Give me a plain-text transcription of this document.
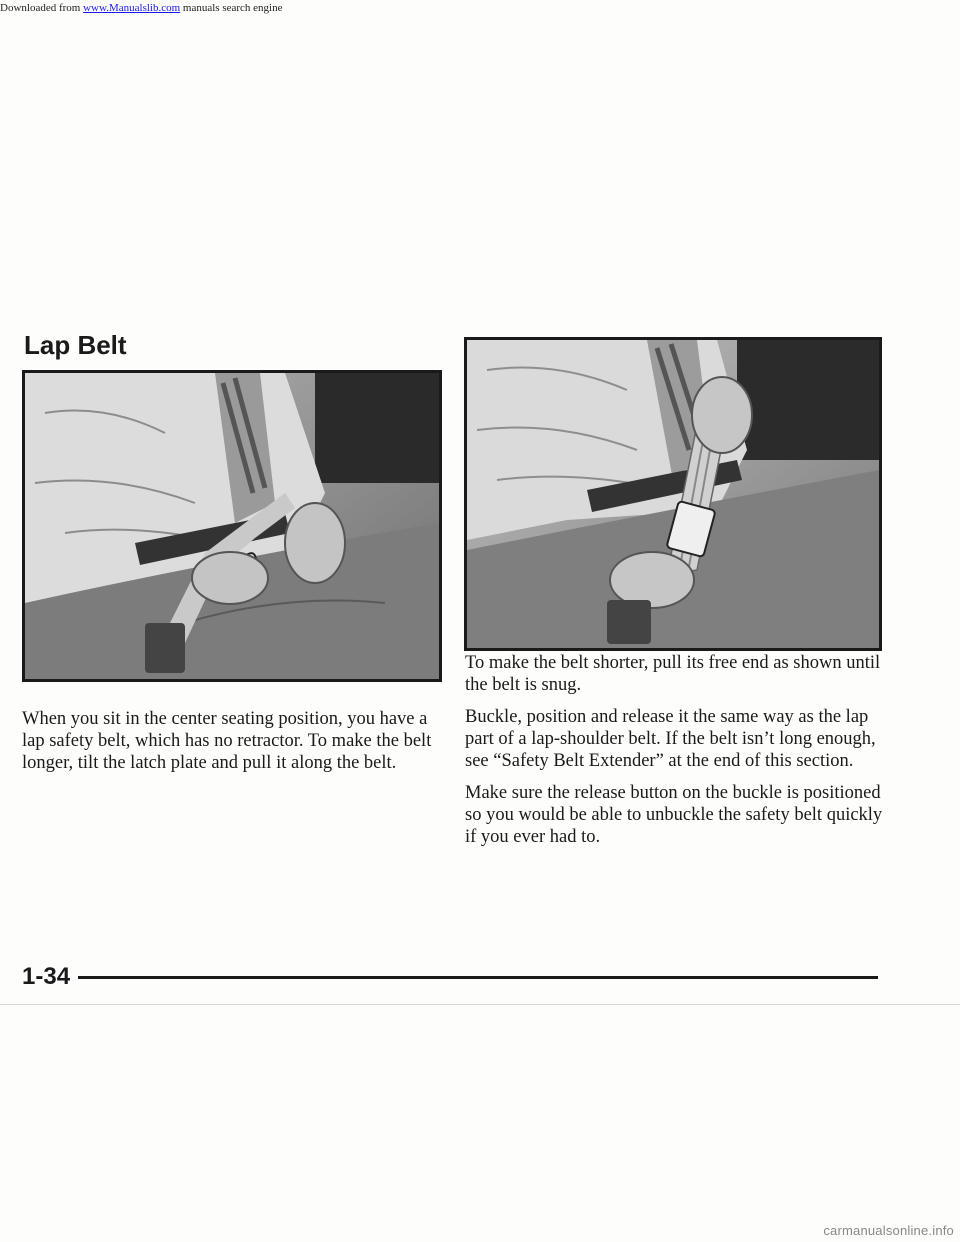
Downloaded from www.Manualslib.com manuals search engine
Lap Belt

When you sit in the center seating position, you have a lap safety belt, which has no retractor. To make the belt longer, tilt the latch plate and pull it along the belt.

To make the belt shorter, pull its free end as shown until the belt is snug.

Buckle, position and release it the same way as the lap part of a lap-shoulder belt. If the belt isn’t long enough, see “Safety Belt Extender” at the end of this section.

Make sure the release button on the buckle is positioned so you would be able to unbuckle the safety belt quickly if you ever had to.

1-34
carmanualsonline.info
